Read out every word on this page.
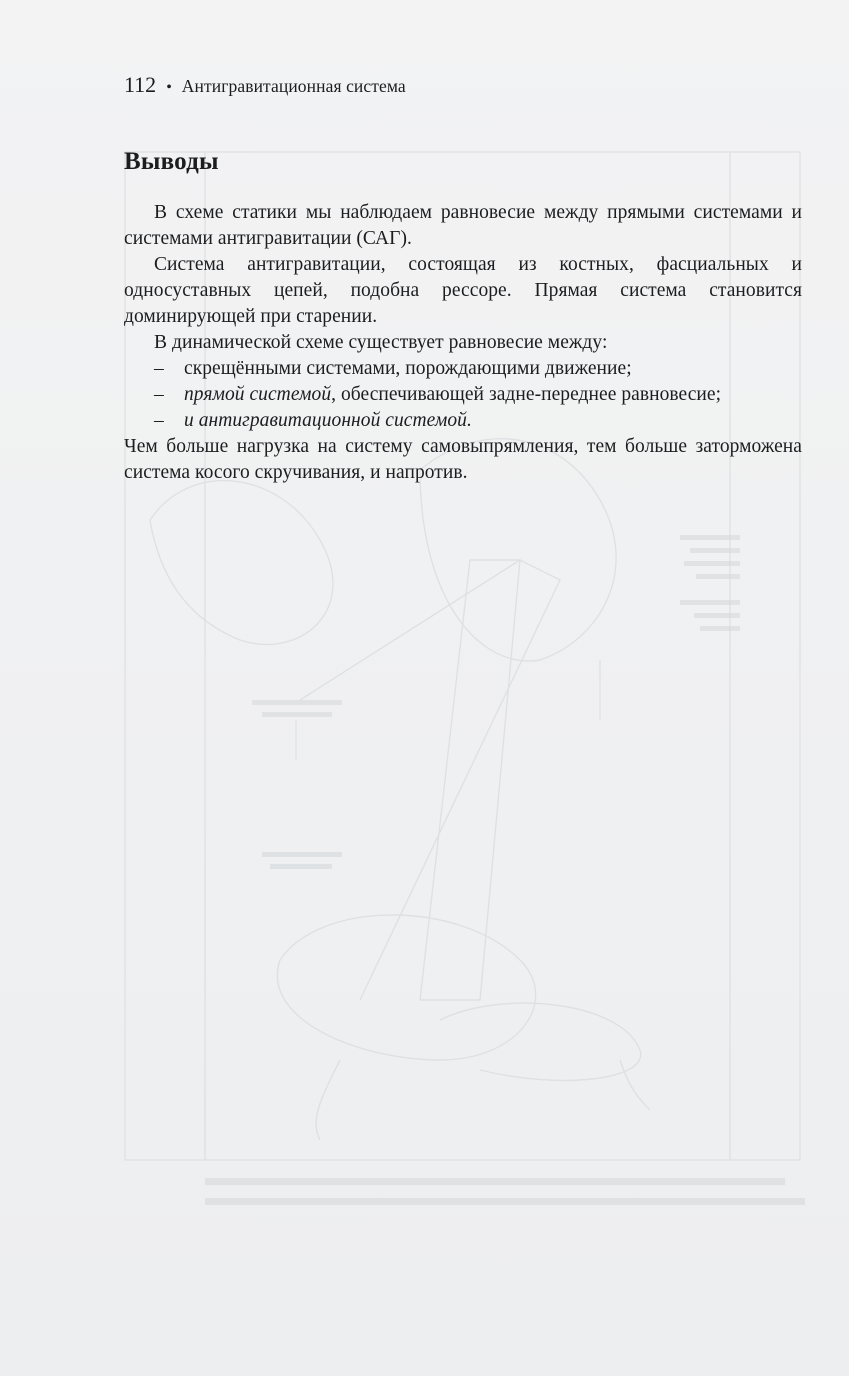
112 • Антигравитационная система
Выводы

В схеме статики мы наблюдаем равновесие между прямыми системами и системами антигравитации (САГ).

Система антигравитации, состоящая из костных, фасциальных и односуставных цепей, подобна рессоре. Прямая система становится доминирующей при старении.

В динамической схеме существует равновесие между:

– скрещёнными системами, порождающими движение;
– прямой системой, обеспечивающей задне-переднее равновесие;
– и антигравитационной системой.

Чем больше нагрузка на систему самовыпрямления, тем больше заторможена система косого скручивания, и напротив.
